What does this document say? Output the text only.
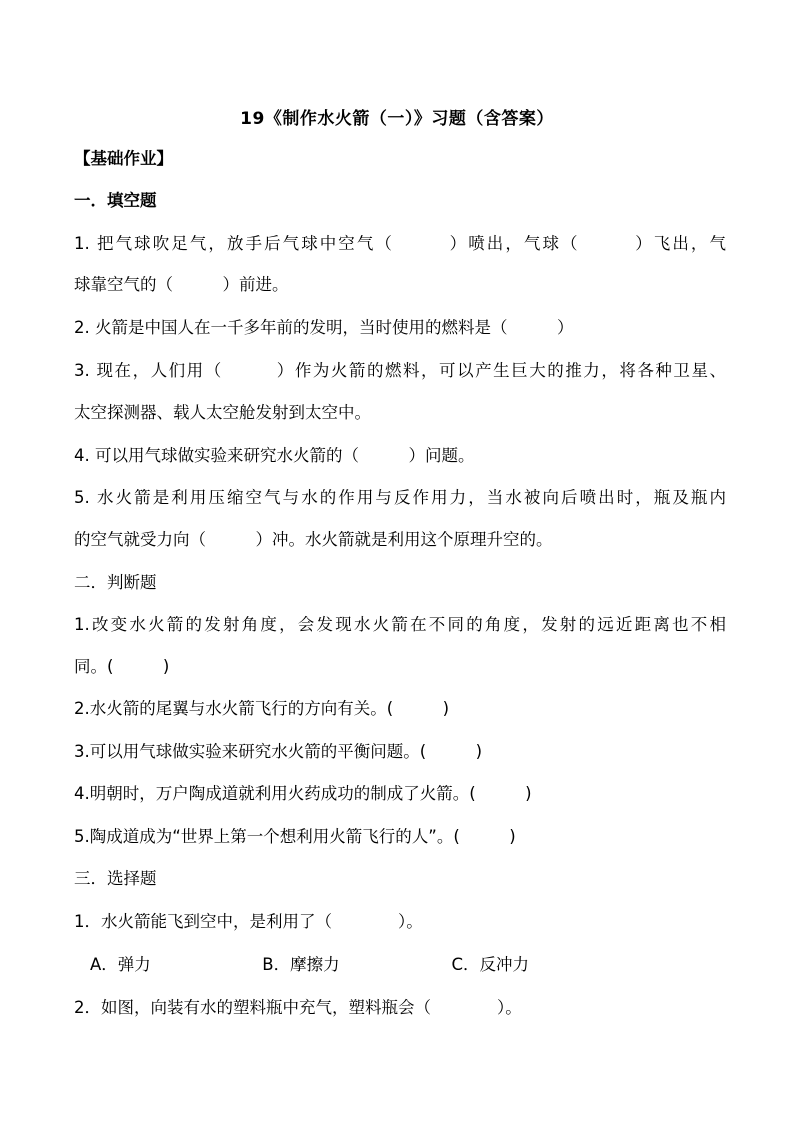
19《制作水火箭（一）》习题（含答案）
【基础作业】
一．填空题
1. 把气球吹足气，放手后气球中空气（　　　）喷出，气球（　　　）飞出，气
球靠空气的（　　　）前进。
2. 火箭是中国人在一千多年前的发明，当时使用的燃料是（　　　）
3. 现在，人们用（　　　）作为火箭的燃料，可以产生巨大的推力，将各种卫星、
太空探测器、载人太空舱发射到太空中。
4. 可以用气球做实验来研究水火箭的（　　　）问题。
5. 水火箭是利用压缩空气与水的作用与反作用力，当水被向后喷出时，瓶及瓶内
的空气就受力向（　　　）冲。水火箭就是利用这个原理升空的。
二．判断题
1.改变水火箭的发射角度，会发现水火箭在不同的角度，发射的远近距离也不相
同。(　　　)
2.水火箭的尾翼与水火箭飞行的方向有关。(　　　)
3.可以用气球做实验来研究水火箭的平衡问题。(　　　)
4.明朝时，万户陶成道就利用火药成功的制成了火箭。(　　　)
5.陶成道成为“世界上第一个想利用火箭飞行的人”。(　　　)
三．选择题
1．水火箭能飞到空中，是利用了（　　　　）。
A．弹力	B．摩擦力	C．反冲力
2．如图，向装有水的塑料瓶中充气，塑料瓶会（　　　　）。
